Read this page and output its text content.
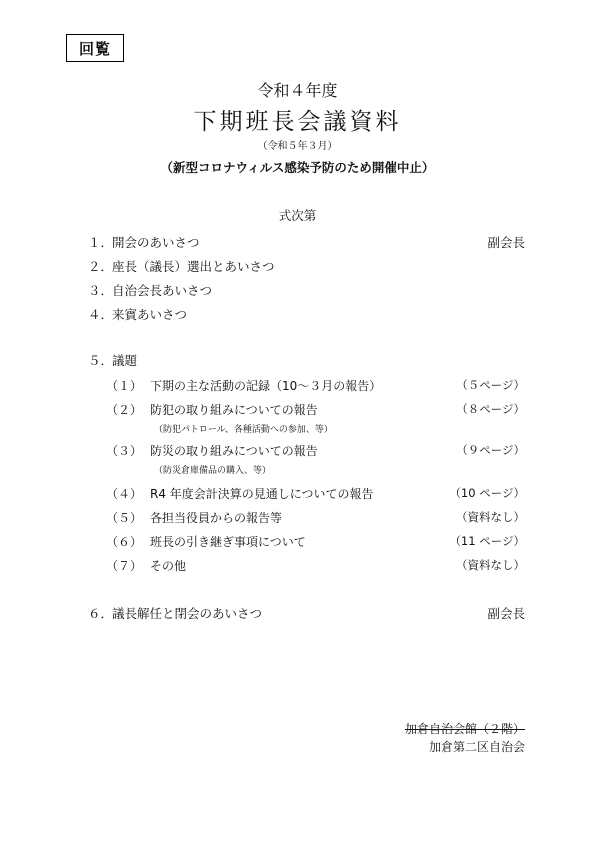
回覧
令和４年度
下期班長会議資料
（令和５年３月）
（新型コロナウィルス感染予防のため開催中止）
式次第
１．
開会のあいさつ	副会長
２．
座長（議長）選出とあいさつ
３．
自治会長あいさつ
４．
来賓あいさつ
５．
議題
（１） 下期の主な活動の記録（10～３月の報告）	（５ページ）
（２） 防犯の取り組みについての報告	（８ページ）
（防犯パトロール、各種活動への参加、等）
（３） 防災の取り組みについての報告	（９ページ）
（防災倉庫備品の購入、等）
（４） R4 年度会計決算の見通しについての報告	（10 ページ）
（５） 各担当役員からの報告等	（資料なし）
（６） 班長の引き継ぎ事項について	（11 ページ）
（７） その他	（資料なし）
６．
議長解任と閉会のあいさつ	副会長
加倉自治会館（２階）
加倉第二区自治会
